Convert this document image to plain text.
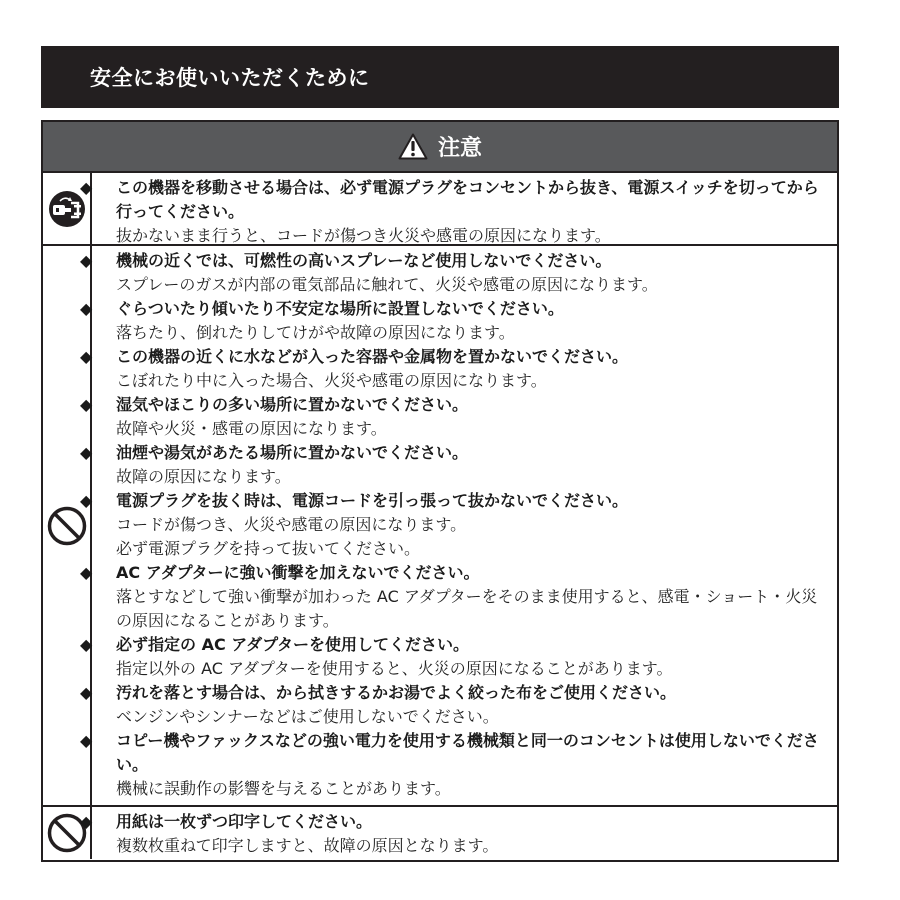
安全にお使いいただくために
注意

◆ この機器を移動させる場合は、必ず電源プラグをコンセントから抜き、電源スイッチを切ってから行ってください。

抜かないまま行うと、コードが傷つき火災や感電の原因になります。

◆ 機械の近くでは、可燃性の高いスプレーなど使用しないでください。

スプレーのガスが内部の電気部品に触れて、火災や感電の原因になります。

◆ ぐらついたり傾いたり不安定な場所に設置しないでください。

落ちたり、倒れたりしてけがや故障の原因になります。

◆ この機器の近くに水などが入った容器や金属物を置かないでください。

こぼれたり中に入った場合、火災や感電の原因になります。

◆ 湿気やほこりの多い場所に置かないでください。

故障や火災・感電の原因になります。

◆ 油煙や湯気があたる場所に置かないでください。

故障の原因になります。

◆ 電源プラグを抜く時は、電源コードを引っ張って抜かないでください。

コードが傷つき、火災や感電の原因になります。

必ず電源プラグを持って抜いてください。

◆ AC アダプターに強い衝撃を加えないでください。

落とすなどして強い衝撃が加わった AC アダプターをそのまま使用すると、感電・ショート・火災の原因になることがあります。

◆ 必ず指定の AC アダプターを使用してください。

指定以外の AC アダプターを使用すると、火災の原因になることがあります。

◆ 汚れを落とす場合は、から拭きするかお湯でよく絞った布をご使用ください。

ベンジンやシンナーなどはご使用しないでください。

◆ コピー機やファックスなどの強い電力を使用する機械類と同一のコンセントは使用しないでください。

機械に誤動作の影響を与えることがあります。

◆ 用紙は一枚ずつ印字してください。

複数枚重ねて印字しますと、故障の原因となります。
